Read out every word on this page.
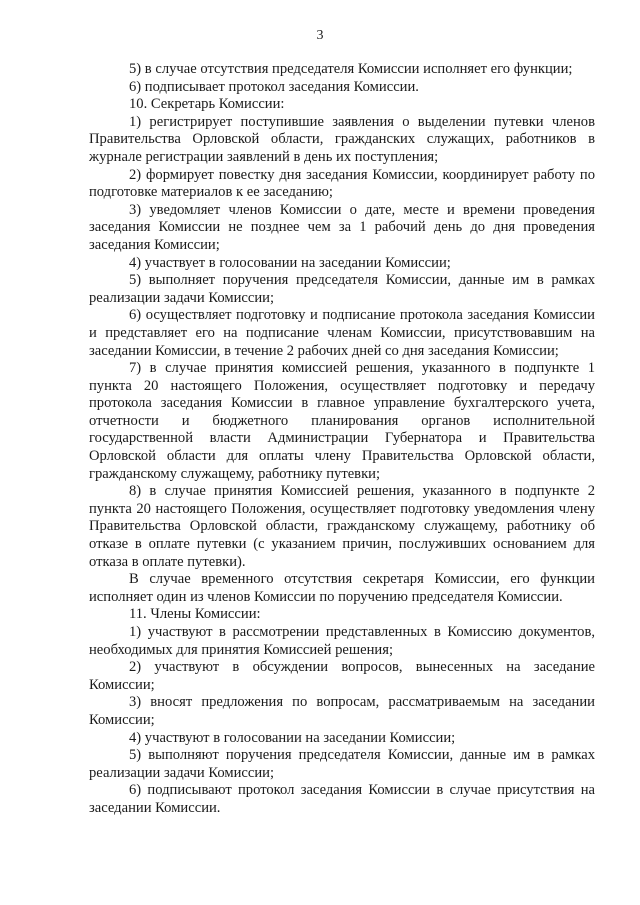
3

5) в случае отсутствия председателя Комиссии исполняет его функции;

6) подписывает протокол заседания Комиссии.

10. Секретарь Комиссии:

1) регистрирует поступившие заявления о выделении путевки членов Правительства Орловской области, гражданских служащих, работников в журнале регистрации заявлений в день их поступления;

2) формирует повестку дня заседания Комиссии, координирует работу по подготовке материалов к ее заседанию;

3) уведомляет членов Комиссии о дате, месте и времени проведения заседания Комиссии не позднее чем за 1 рабочий день до дня проведения заседания Комиссии;

4) участвует в голосовании на заседании Комиссии;

5) выполняет поручения председателя Комиссии, данные им в рамках реализации задачи Комиссии;

6) осуществляет подготовку и подписание протокола заседания Комиссии и представляет его на подписание членам Комиссии, присутствовавшим на заседании Комиссии, в течение 2 рабочих дней со дня заседания Комиссии;

7) в случае принятия комиссией решения, указанного в подпункте 1 пункта 20 настоящего Положения, осуществляет подготовку и передачу протокола заседания Комиссии в главное управление бухгалтерского учета, отчетности и бюджетного планирования органов исполнительной государственной власти Администрации Губернатора и Правительства Орловской области для оплаты члену Правительства Орловской области, гражданскому служащему, работнику путевки;

8) в случае принятия Комиссией решения, указанного в подпункте 2 пункта 20 настоящего Положения, осуществляет подготовку уведомления члену Правительства Орловской области, гражданскому служащему, работнику об отказе в оплате путевки (с указанием причин, послуживших основанием для отказа в оплате путевки).

В случае временного отсутствия секретаря Комиссии, его функции исполняет один из членов Комиссии по поручению председателя Комиссии.

11. Члены Комиссии:

1) участвуют в рассмотрении представленных в Комиссию документов, необходимых для принятия Комиссией решения;

2) участвуют в обсуждении вопросов, вынесенных на заседание Комиссии;

3) вносят предложения по вопросам, рассматриваемым на заседании Комиссии;

4) участвуют в голосовании на заседании Комиссии;

5) выполняют поручения председателя Комиссии, данные им в рамках реализации задачи Комиссии;

6) подписывают протокол заседания Комиссии в случае присутствия на заседании Комиссии.
